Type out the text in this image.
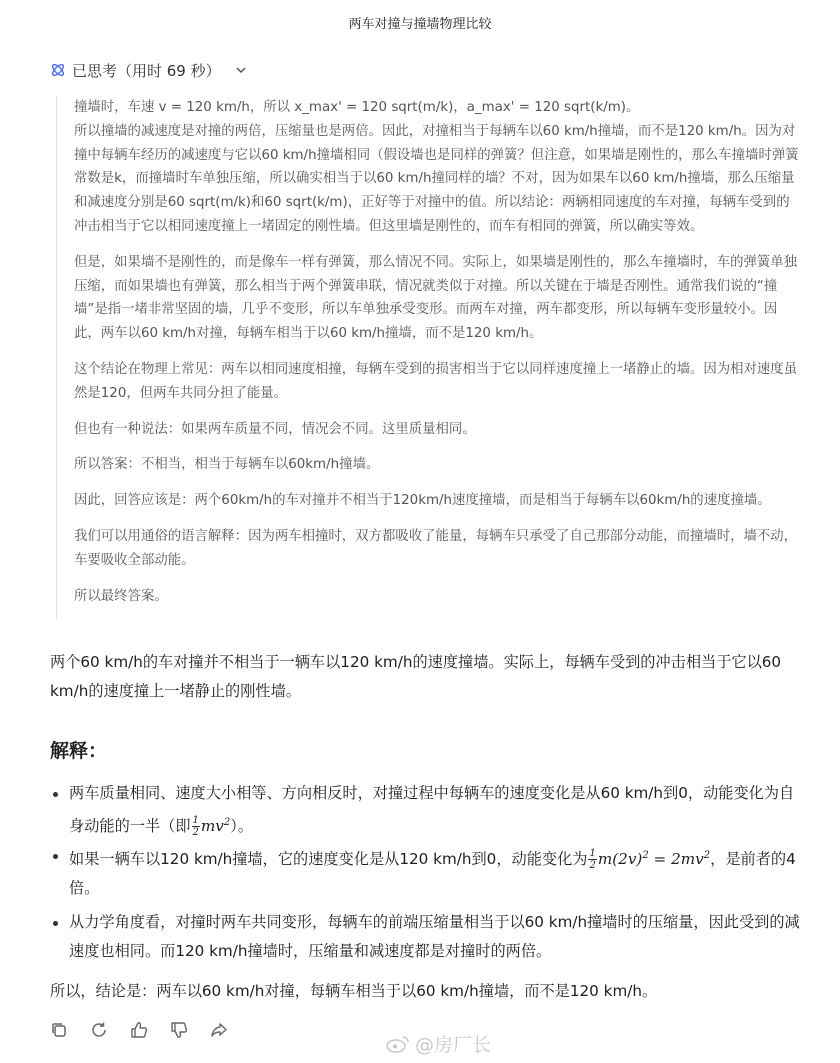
两车对撞与撞墙物理比较
已思考（用时 69 秒）

撞墙时，车速 v = 120 km/h，所以 x_max' = 120 sqrt(m/k)，a_max' = 120 sqrt(k/m)。

所以撞墙的减速度是对撞的两倍，压缩量也是两倍。因此，对撞相当于每辆车以60 km/h撞墙，而不是120 km/h。因为对撞中每辆车经历的减速度与它以60 km/h撞墙相同（假设墙也是同样的弹簧？但注意，如果墙是刚性的，那么车撞墙时弹簧常数是k，而撞墙时车单独压缩，所以确实相当于以60 km/h撞同样的墙？不对，因为如果车以60 km/h撞墙，那么压缩量和减速度分别是60 sqrt(m/k)和60 sqrt(k/m)，正好等于对撞中的值。所以结论：两辆相同速度的车对撞，每辆车受到的冲击相当于它以相同速度撞上一堵固定的刚性墙。但这里墙是刚性的，而车有相同的弹簧，所以确实等效。

但是，如果墙不是刚性的，而是像车一样有弹簧，那么情况不同。实际上，如果墙是刚性的，那么车撞墙时，车的弹簧单独压缩，而如果墙也有弹簧，那么相当于两个弹簧串联，情况就类似于对撞。所以关键在于墙是否刚性。通常我们说的“撞墙”是指一堵非常坚固的墙，几乎不变形，所以车单独承受变形。而两车对撞，两车都变形，所以每辆车变形量较小。因此，两车以60 km/h对撞，每辆车相当于以60 km/h撞墙，而不是120 km/h。

这个结论在物理上常见：两车以相同速度相撞，每辆车受到的损害相当于它以同样速度撞上一堵静止的墙。因为相对速度虽然是120，但两车共同分担了能量。

但也有一种说法：如果两车质量不同，情况会不同。这里质量相同。

所以答案：不相当，相当于每辆车以60km/h撞墙。

因此，回答应该是：两个60km/h的车对撞并不相当于120km/h速度撞墙，而是相当于每辆车以60km/h的速度撞墙。

我们可以用通俗的语言解释：因为两车相撞时，双方都吸收了能量，每辆车只承受了自己那部分动能，而撞墙时，墙不动，车要吸收全部动能。

所以最终答案。

两个60 km/h的车对撞并不相当于一辆车以120 km/h的速度撞墙。实际上，每辆车受到的冲击相当于它以60 km/h的速度撞上一堵静止的刚性墙。

解释：
两车质量相同、速度大小相等、方向相反时，对撞过程中每辆车的速度变化是从60 km/h到0，动能变化为自身动能的一半（即 $\frac{1}{2} mv^2$）。
如果一辆车以120 km/h撞墙，它的速度变化是从120 km/h到0，动能变化为 $\frac{1}{2} m(2v)^2 = 2mv^2$，是前者的4倍。
从力学角度看，对撞时两车共同变形，每辆车的前端压缩量相当于以60 km/h撞墙时的压缩量，因此受到的减速度也相同。而120 km/h撞墙时，压缩量和减速度都是对撞时的两倍。

所以，结论是：两车以60 km/h对撞，每辆车相当于以60 km/h撞墙，而不是120 km/h。

@房厂长
